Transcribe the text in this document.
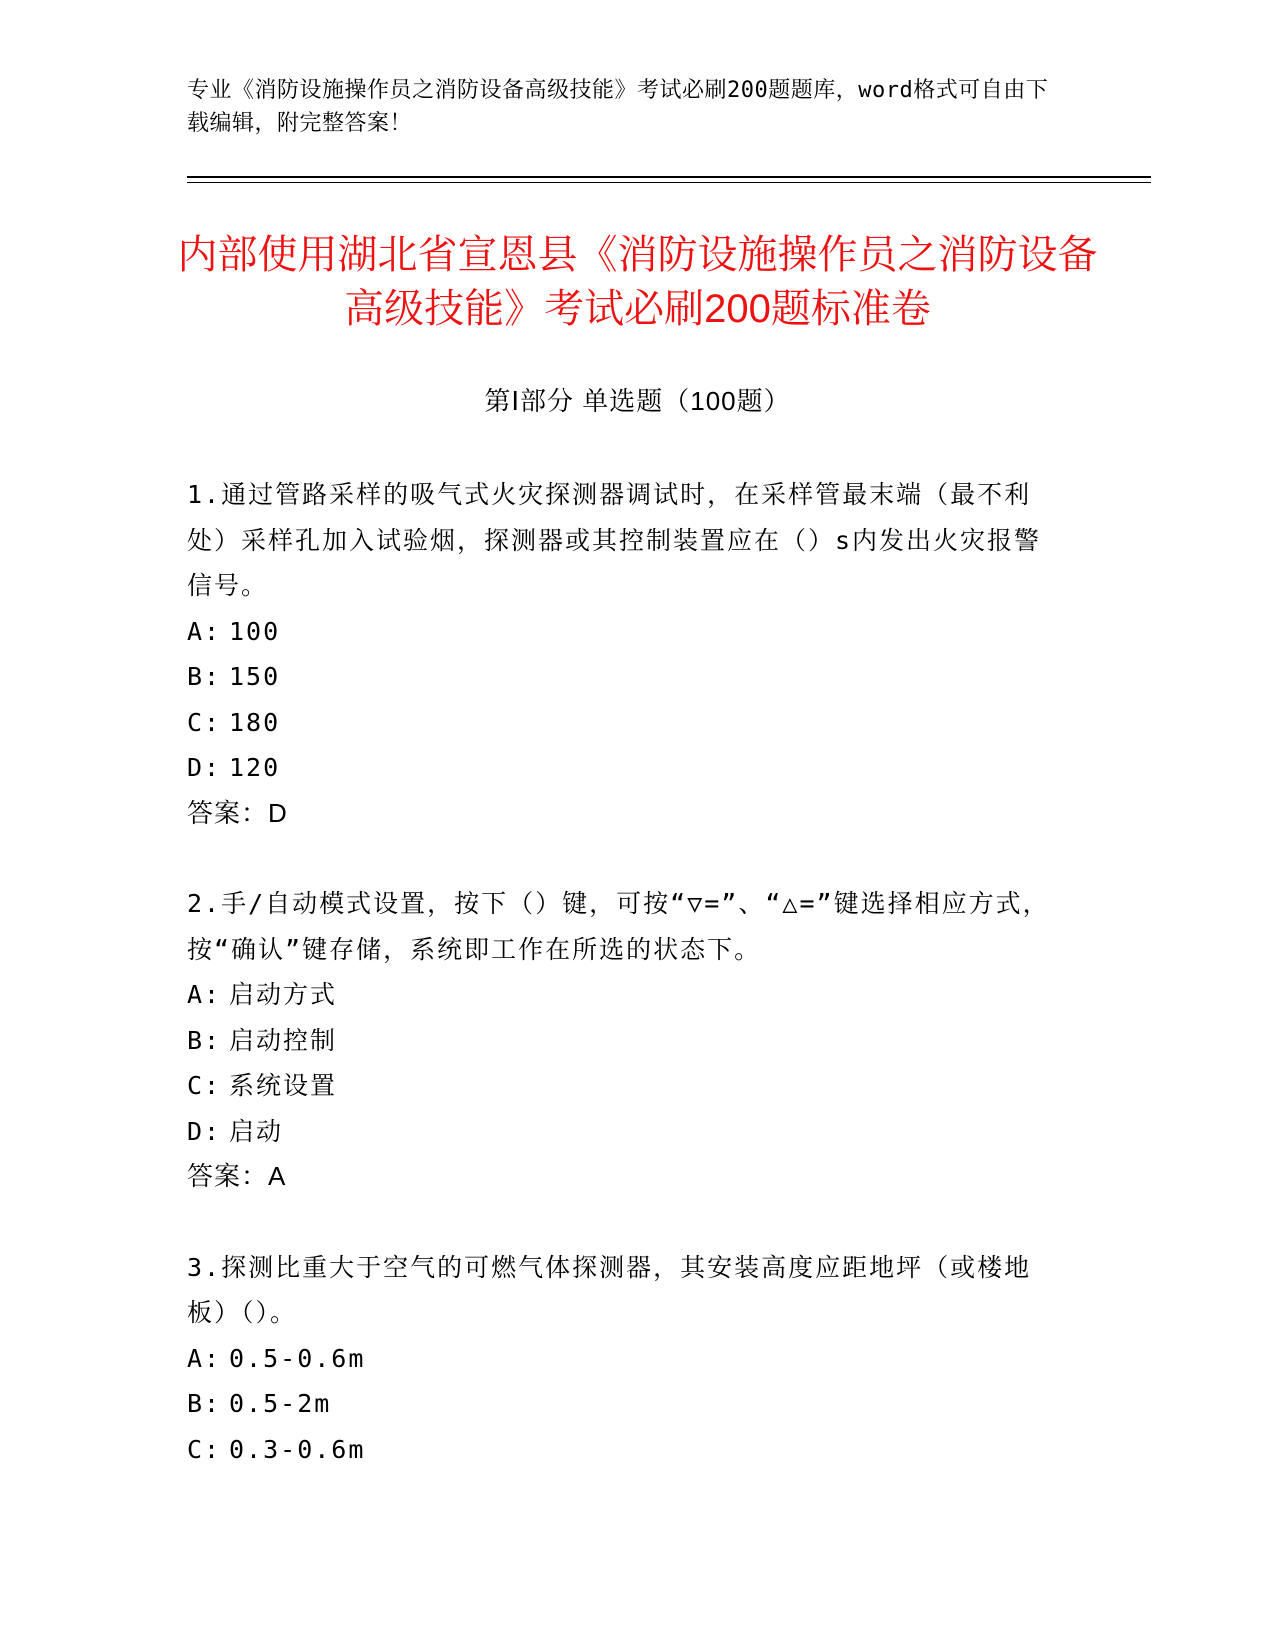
专业《消防设施操作员之消防设备高级技能》考试必刷200题题库，word格式可自由下载编辑，附完整答案！
内部使用湖北省宣恩县《消防设施操作员之消防设备高级技能》考试必刷200题标准卷
第Ⅰ部分 单选题（100题）

1.通过管路采样的吸气式火灾探测器调试时，在采样管最末端（最不利处）采样孔加入试验烟，探测器或其控制装置应在（）s内发出火灾报警信号。

A: 100

B: 150

C: 180

D: 120

答案：D

2.手/自动模式设置，按下（）键，可按“▽=”、“△=”键选择相应方式，按“确认”键存储，系统即工作在所选的状态下。

A: 启动方式

B: 启动控制

C: 系统设置

D: 启动

答案：A

3.探测比重大于空气的可燃气体探测器，其安装高度应距地坪（或楼地板）（）。

A: 0.5-0.6m

B: 0.5-2m

C: 0.3-0.6m
